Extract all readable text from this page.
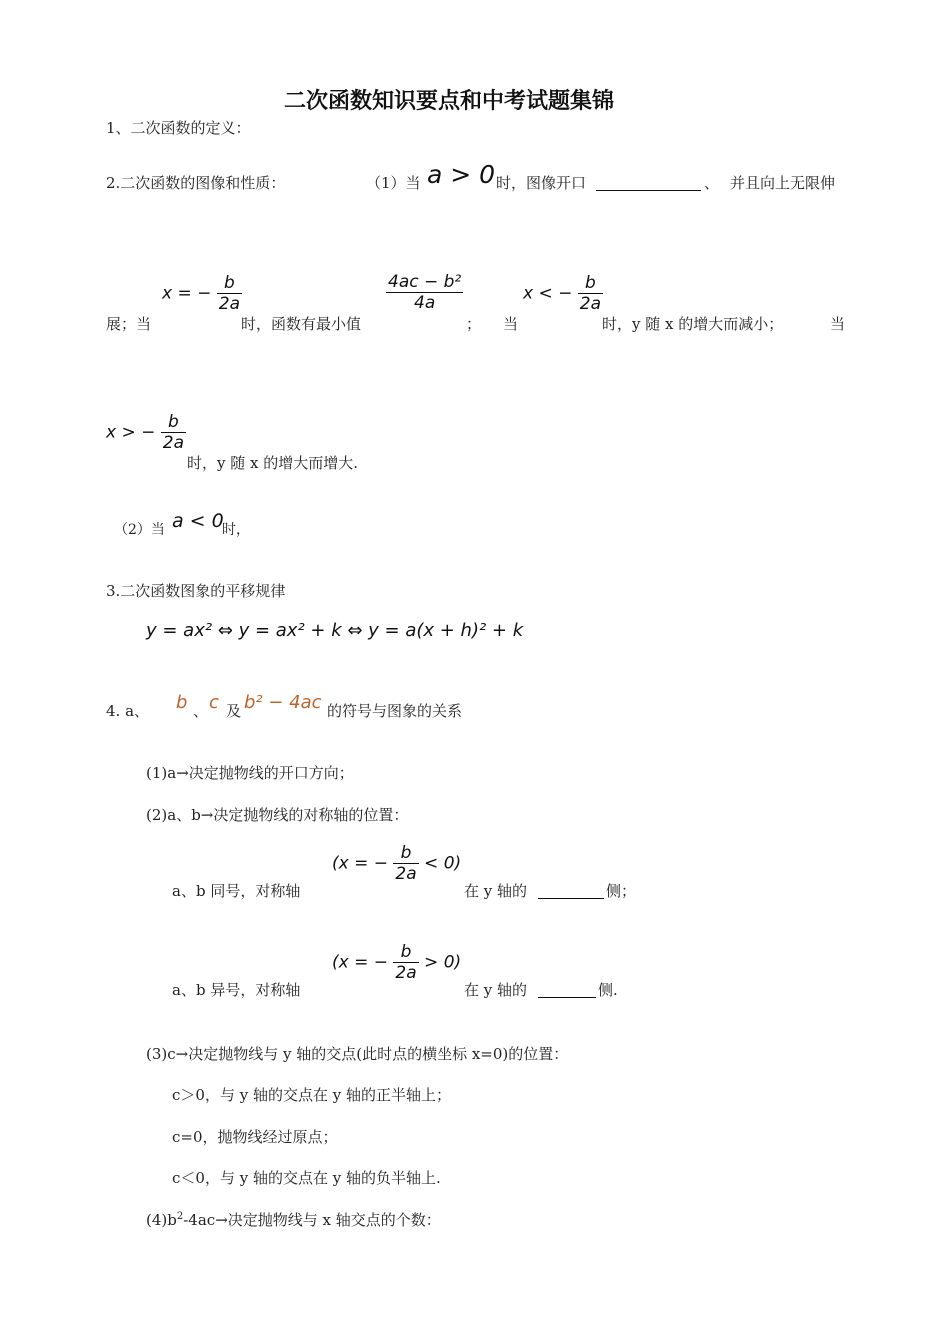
二次函数知识要点和中考试题集锦
1、二次函数的定义：
2.二次函数的图像和性质：	（1）当 a > 0 时，图像开口	、 并且向上无限伸
展；当
x = − $\frac{b}{2a}$
时，函数有最小值
$\frac{\text{4ac − b²}}{4a}$
； 当
x < − $\frac{b}{2a}$
时，y 随 x 的增大而减小；	当
x > − $\frac{b}{2a}$
时，y 随 x 的增大而增大.
（2）当 a < 0
时，
3.二次函数图象的平移规律
y = ax² ⇔ y = ax² + k ⇔ y = a(x + h)² + k
4. a、 b 、 c 及 b² − 4ac 的符号与图象的关系
(1)a→决定抛物线的开口方向；
(2)a、b→决定抛物线的对称轴的位置：
a、b 同号，对称轴
(x = − $\frac{b}{2a} < 0$)
在 y 轴的	侧；
a、b 异号，对称轴
(x = − $\frac{b}{2a} > 0$)
在 y 轴的	侧.
(3)c→决定抛物线与 y 轴的交点(此时点的横坐标 x=0)的位置：
c＞0，与 y 轴的交点在 y 轴的正半轴上；
c=0，抛物线经过原点；
c＜0，与 y 轴的交点在 y 轴的负半轴上.
$(4)b^2-4ac\to$决定抛物线与 x 轴交点的个数：
